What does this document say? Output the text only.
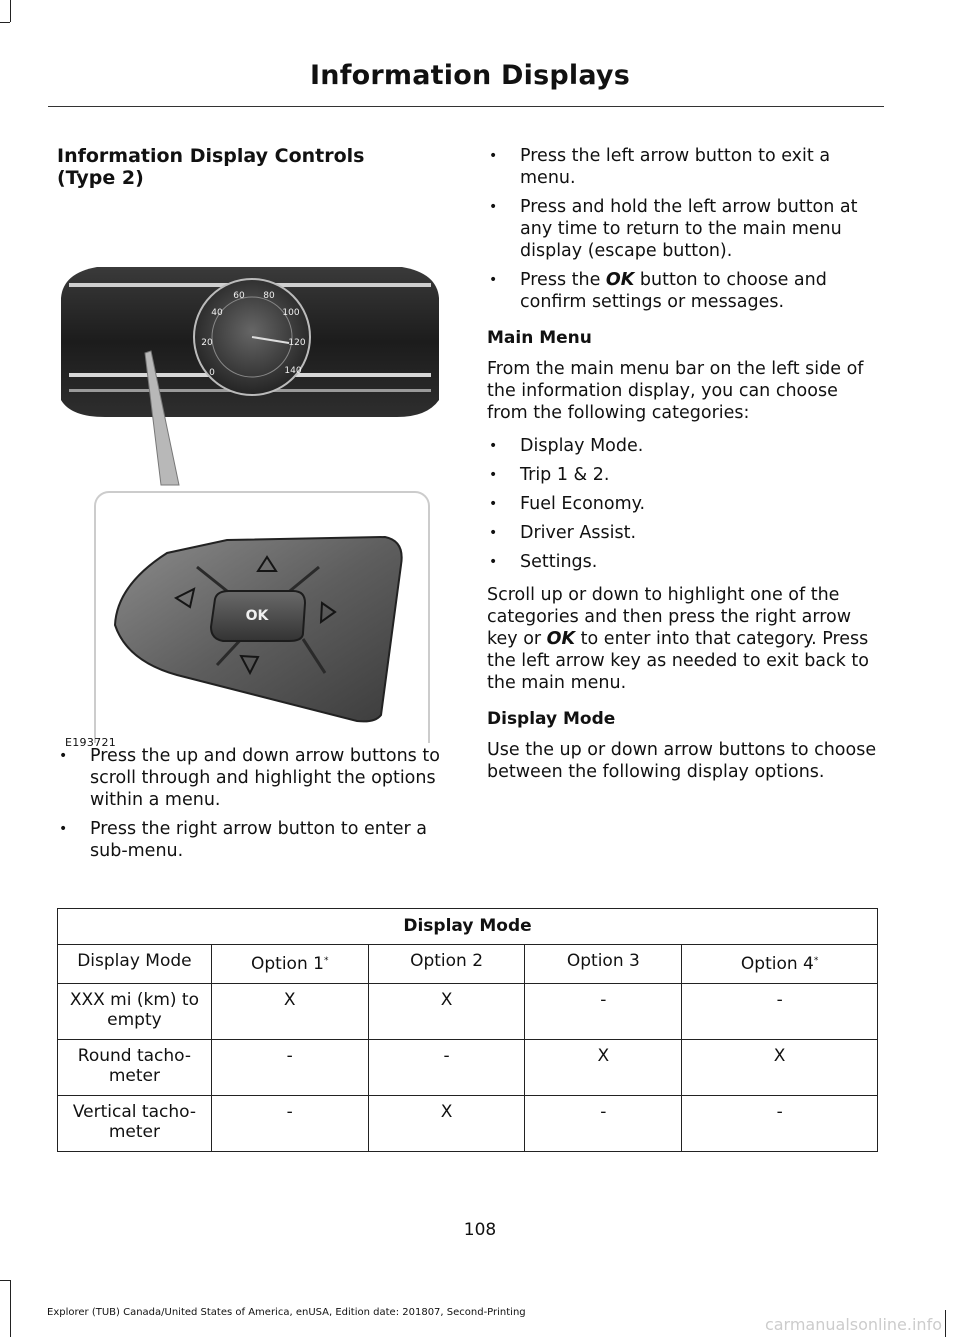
Information Displays
Information Display Controls (Type 2)
0
20
40
60 80
100
120
140
OK
E193721
• Press the up and down arrow buttons to scroll through and highlight the options within a menu.
• Press the right arrow button to enter a sub-menu.
• Press the left arrow button to exit a menu.
• Press and hold the left arrow button at any time to return to the main menu display (escape button).
• Press the OK button to choose and confirm settings or messages.
Main Menu

From the main menu bar on the left side of the information display, you can choose from the following categories:

• Display Mode.
• Trip 1 & 2.
• Fuel Economy.
• Driver Assist.
• Settings.

Scroll up or down to highlight one of the categories and then press the right arrow key or OK to enter into that category. Press the left arrow key as needed to exit back to the main menu.

Display Mode

Use the up or down arrow buttons to choose between the following display options.

Display Mode				
Display Mode	Option 1*	Option 2	Option 3	Option 4*
XXX mi (km) to empty	X	X	-	-
Round tacho-meter	-	-	X	X
Vertical tacho-meter	-	X	-	-
108
Explorer (TUB) Canada/United States of America, enUSA, Edition date: 201807, Second-Printing
carmanualsonline.info
